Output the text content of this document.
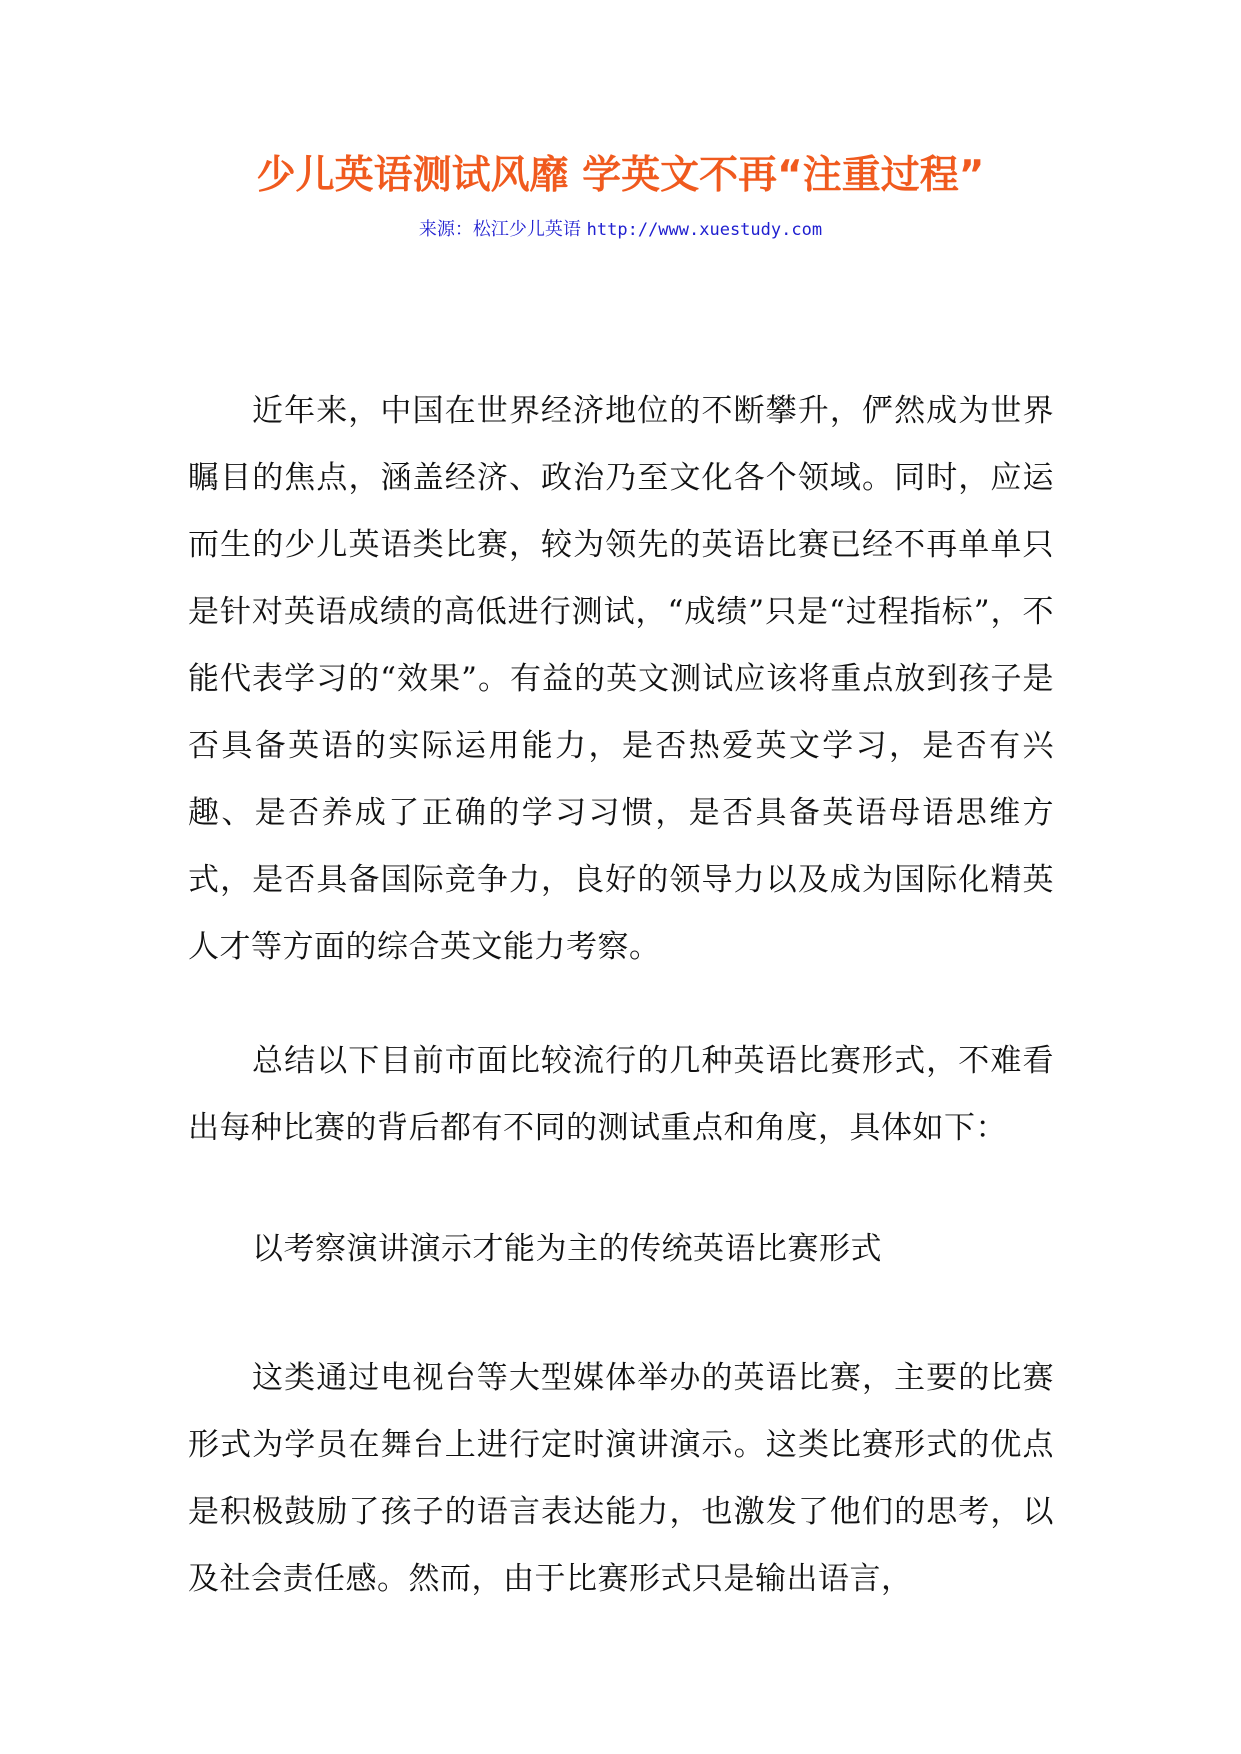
少儿英语测试风靡 学英文不再“注重过程”
来源：松江少儿英语 http://www.xuestudy.com

近年来，中国在世界经济地位的不断攀升，俨然成为世界瞩目的焦点，涵盖经济、政治乃至文化各个领域。同时，应运而生的少儿英语类比赛，较为领先的英语比赛已经不再单单只是针对英语成绩的高低进行测试，“成绩”只是“过程指标”，不能代表学习的“效果”。有益的英文测试应该将重点放到孩子是否具备英语的实际运用能力，是否热爱英文学习，是否有兴趣、是否养成了正确的学习习惯，是否具备英语母语思维方式，是否具备国际竞争力，良好的领导力以及成为国际化精英人才等方面的综合英文能力考察。

总结以下目前市面比较流行的几种英语比赛形式，不难看出每种比赛的背后都有不同的测试重点和角度，具体如下：

以考察演讲演示才能为主的传统英语比赛形式

这类通过电视台等大型媒体举办的英语比赛，主要的比赛形式为学员在舞台上进行定时演讲演示。这类比赛形式的优点是积极鼓励了孩子的语言表达能力，也激发了他们的思考，以及社会责任感。然而，由于比赛形式只是输出语言，
